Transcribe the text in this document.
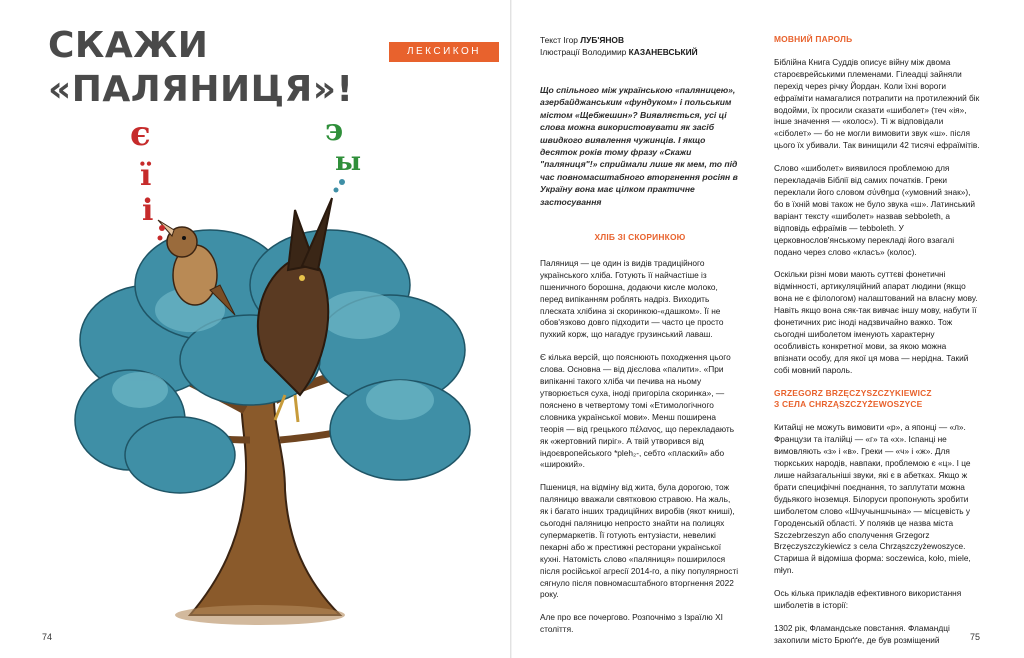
СКАЖИ
«ПАЛЯНИЦЯ»!
ЛЕКСИКОН
є
ї
і
э
ы
74
Текст Ігор ЛУБ'ЯНОВ
Ілюстрації Володимир КАЗАНЕВСЬКИЙ

Що спільного між українською «паляницею», азербайджанським «фундуком» і польським містом «Щебжешин»? Виявляється, усі ці слова можна використовувати як засіб швидкого виявлення чужинців. І якщо десяток років тому фразу «Скажи "паляниця"!» сприймали лише як мем, то під час повномасштабного вторгнення росіян в Україну вона має цілком практичне застосування

ХЛІБ ЗІ СКОРИНКОЮ

Паляниця — це один із видів традиційного українського хліба. Готують її найчастіше із пшеничного борошна, додаючи кисле молоко, перед випіканням роблять надріз. Виходить плеската хлібина зі скоринкою-«дашком». Її не обов'язково довго підходити — часто це просто пухкий корж, що нагадує грузинський лаваш.

Є кілька версій, що пояснюють походження цього слова. Основна — від дієслова «палити». «При випіканні такого хліба чи печива на ньому утворюється суха, іноді пригоріла скоринка», — пояснено в четвертому томі «Етимологічного словника української мови». Менш поширена теорія — від грецького πέλανος, що перекладають як «жертовний пиріг». А твій утворився від індоєвропейського *pleh₂-, себто «плаский» або «широкий».

Пшениця, на відміну від жита, була дорогою, тож паляницю вважали святковою стравою. На жаль, як і багато інших традиційних виробів (якот книші), сьогодні паляницю непросто знайти на полицях супермаркетів. Її готують ентузіасти, невеликі пекарні або ж престижні ресторани української кухні. Натомість слово «паляниця» поширилося після російської агресії 2014-го, а піку популярності сягнуло після повномасштабного вторгнення 2022 року.

Але про все почергово. Розпочнімо з Ізраїлю XI століття.

МОВНИЙ ПАРОЛЬ

Біблійна Книга Суддів описує війну між двома староєврейськими племенами. Гілеадці зайняли перехід через річку Йордан. Коли їхні вороги ефраїміти намагалися потрапити на протилежний бік водойми, їх просили сказати «шиболет» (теч «ія», інше значення — «колос»). Ті ж відповідали «сіболет» — бо не могли вимовити звук «ш». після цього їх убивали. Так винищили 42 тисячі ефраїмітів.

Слово «шиболет» виявилося проблемою для перекладачів Біблії від самих початків. Греки переклали його словом σύνθημα («умовний знак»), бо в їхній мові також не було звука «ш». Латинський варіант тексту «шиболет» назвав sebboleth, а відповідь ефраїмів — tebboleth. У церковнослов'янському перекладі його взагалі подано через слово «класъ» (колос).

Оскільки різні мови мають суттєві фонетичні відмінності, артикуляційний апарат людини (якщо вона не є філологом) налаштований на власну мову. Навіть якщо вона сяк-так вивчає іншу мову, набути її фонетичних рис іноді надзвичайно важко. Тож сьогодні шиболетом іменують характерну особливість конкретної мови, за якою можна впізнати особу, для якої ця мова — нерідна. Такий собі мовний пароль.

GRZEGORZ BRZĘCZYSZCZYKIEWICZ
З СЕЛА CHRZĄSZCZYŻEWOSZYCE

Китайці не можуть вимовити «р», а японці — «л». Французи та італійці — «г» та «х». Іспанці не вимовляють «з» і «в». Греки — «ч» і «ж». Для тюркських народів, навпаки, проблемою є «ц». І це лише найзагальніші звуки, які є в абетках. Якщо ж брати специфічні поєднання, то заплутати можна будьякого іноземця. Білоруси пропонують зробити шиболетом слово «Шчучыншчына» — місцевість у Городенській області. У поляків це назва міста Szczebrzeszyn або сполучення Grzegorz Brzęczyszczykiewicz з села Chrząszczyżewoszyce. Стариша й відоміша форма: soczewica, koło, miele, młyn.

Ось кілька прикладів ефективного використання шиболетів в історії:

1302 рік, Фламандське повстання. Фламандці захопили місто Брюґґе, де був розміщений	75
